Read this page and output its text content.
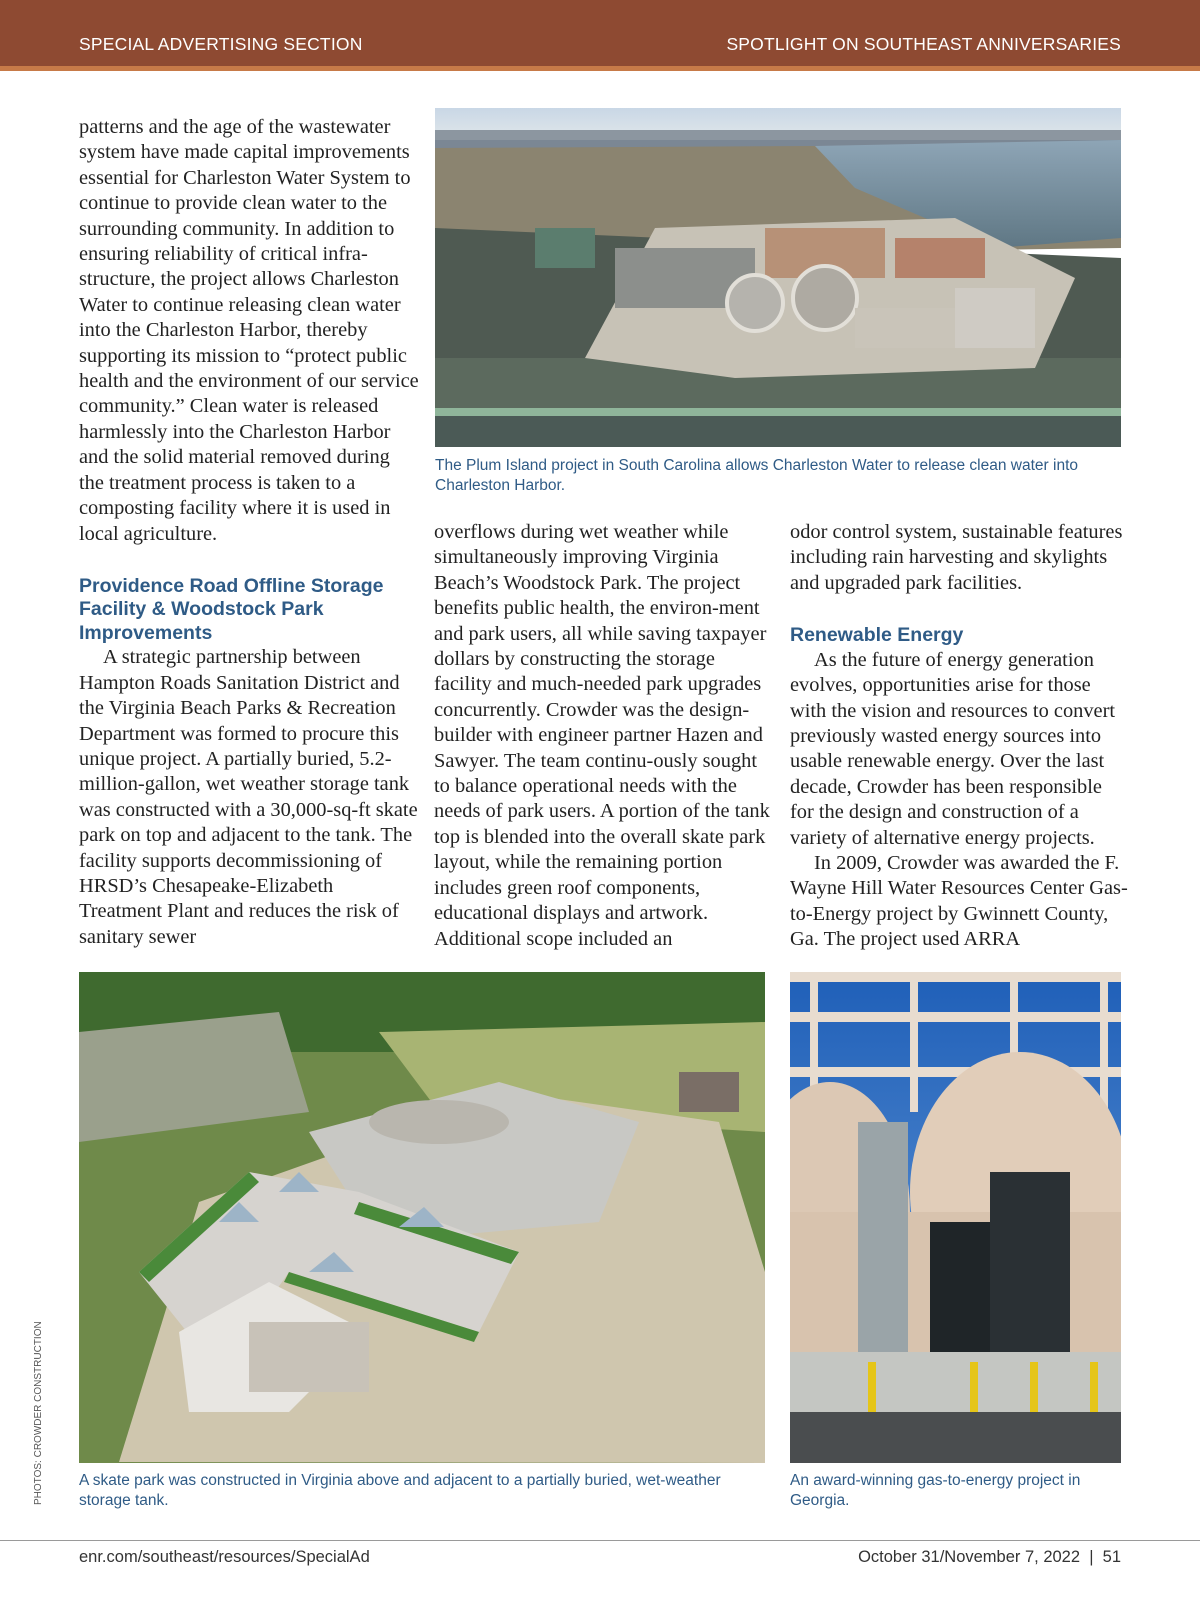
SPECIAL ADVERTISING SECTION	SPOTLIGHT ON SOUTHEAST ANNIVERSARIES

patterns and the age of the wastewater system have made capital improvements essential for Charleston Water System to continue to provide clean water to the surrounding community. In addition to ensuring reliability of critical infra-structure, the project allows Charleston Water to continue releasing clean water into the Charleston Harbor, thereby supporting its mission to “protect public health and the environment of our service community.” Clean water is released harmlessly into the Charleston Harbor and the solid material removed during the treatment process is taken to a composting facility where it is used in local agriculture.

Providence Road Offline Storage Facility & Woodstock Park Improvements

A strategic partnership between Hampton Roads Sanitation District and the Virginia Beach Parks & Recreation Department was formed to procure this unique project. A partially buried, 5.2-million-gallon, wet weather storage tank was constructed with a 30,000-sq-ft skate park on top and adjacent to the tank. The facility supports decommissioning of HRSD’s Chesapeake-Elizabeth Treatment Plant and reduces the risk of sanitary sewer

overflows during wet weather while simultaneously improving Virginia Beach’s Woodstock Park. The project benefits public health, the environ-ment and park users, all while saving taxpayer dollars by constructing the storage facility and much-needed park upgrades concurrently. Crowder was the design-builder with engineer partner Hazen and Sawyer. The team continu-ously sought to balance operational needs with the needs of park users. A portion of the tank top is blended into the overall skate park layout, while the remaining portion includes green roof components, educational displays and artwork. Additional scope included an

odor control system, sustainable features including rain harvesting and skylights and upgraded park facilities.

Renewable Energy

As the future of energy generation evolves, opportunities arise for those with the vision and resources to convert previously wasted energy sources into usable renewable energy. Over the last decade, Crowder has been responsible for the design and construction of a variety of alternative energy projects.

In 2009, Crowder was awarded the F. Wayne Hill Water Resources Center Gas-to-Energy project by Gwinnett County, Ga. The project used ARRA

The Plum Island project in South Carolina allows Charleston Water to release clean water into Charleston Harbor.

A skate park was constructed in Virginia above and adjacent to a partially buried, wet-weather storage tank.

An award-winning gas-to-energy project in Georgia.

PHOTOS: CROWDER CONSTRUCTION
enr.com/southeast/resources/SpecialAd	October 31/November 7, 2022  |  51
